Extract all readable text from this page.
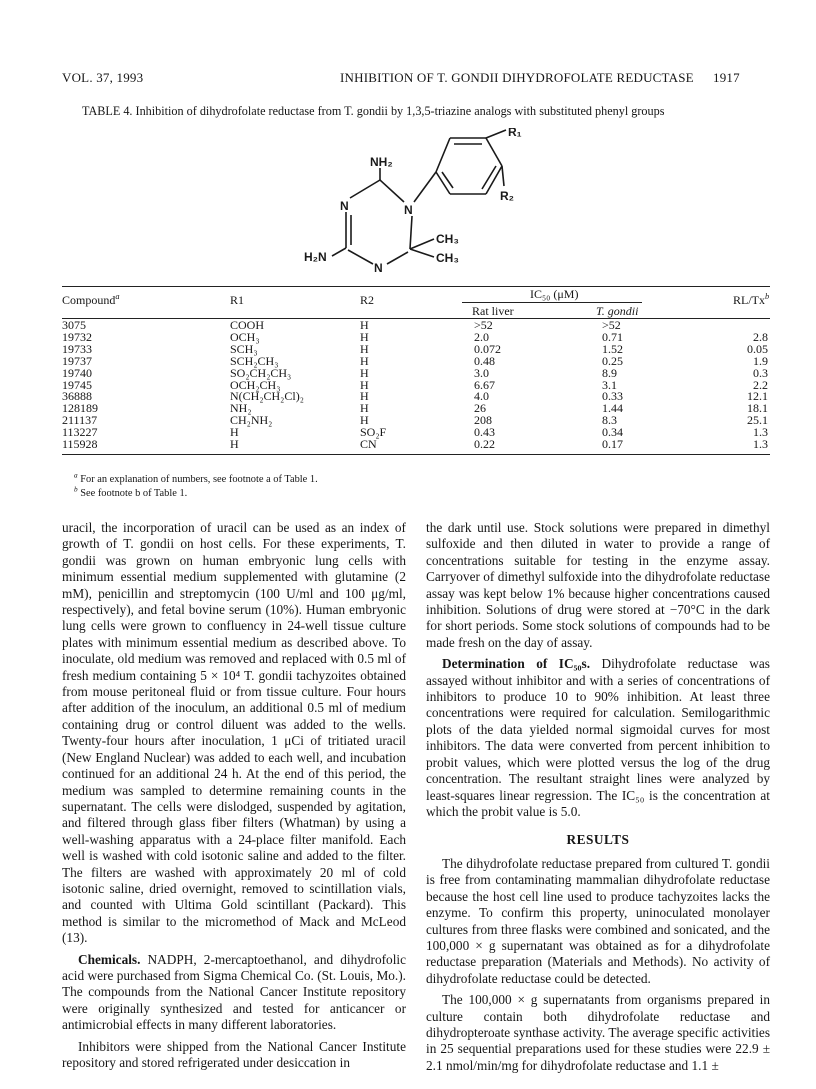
VOL. 37, 1993	INHIBITION OF T. GONDII DIHYDROFOLATE REDUCTASE 1917
TABLE 4. Inhibition of dihydrofolate reductase from T. gondii by 1,3,5-triazine analogs with substituted phenyl groups
NH₂
N	N
N
H₂N
CH₃
CH₃
R₁
R₂
Compound$^a$	R1	R2	IC₅₀ (μM)
Rat liver	T. gondii
RL/Tx$^b$
3075	COOH	H	>52	>52	
19732	OCH₃	H	2.0	0.71	2.8
19733	SCH₃	H	0.072	1.52	0.05
19737	SCH₂CH₃	H	0.48	0.25	1.9
19740	SO₂CH₂CH₃	H	3.0	8.9	0.3
19745	OCH₂CH₃	H	6.67	3.1	2.2
36888	N(CH₂CH₂Cl)₂	H	4.0	0.33	12.1
128189	NH₂	H	26	1.44	18.1
211137	CH₂NH₂	H	208	8.3	25.1
113227	H	SO₂F	0.43	0.34	1.3
115928	H	CN	0.22	0.17	1.3
$^a$ For an explanation of numbers, see footnote a of Table 1.
$^b$ See footnote b of Table 1.

uracil, the incorporation of uracil can be used as an index of growth of T. gondii on host cells. For these experiments, T. gondii was grown on human embryonic lung cells with minimum essential medium supplemented with glutamine (2 mM), penicillin and streptomycin (100 U/ml and 100 μg/ml, respectively), and fetal bovine serum (10%). Human embryonic lung cells were grown to confluency in 24-well tissue culture plates with minimum essential medium as described above. To inoculate, old medium was removed and replaced with 0.5 ml of fresh medium containing 5 × 10⁴ T. gondii tachyzoites obtained from mouse peritoneal fluid or from tissue culture. Four hours after addition of the inoculum, an additional 0.5 ml of medium containing drug or control diluent was added to the wells. Twenty-four hours after inoculation, 1 μCi of tritiated uracil (New England Nuclear) was added to each well, and incubation continued for an additional 24 h. At the end of this period, the medium was sampled to determine remaining counts in the supernatant. The cells were dislodged, suspended by agitation, and filtered through glass fiber filters (Whatman) by using a well-washing apparatus with a 24-place filter manifold. Each well is washed with cold isotonic saline and added to the filter. The filters are washed with approximately 20 ml of cold isotonic saline, dried overnight, removed to scintillation vials, and counted with Ultima Gold scintillant (Packard). This method is similar to the micromethod of Mack and McLeod (13).

Chemicals. NADPH, 2-mercaptoethanol, and dihydrofolic acid were purchased from Sigma Chemical Co. (St. Louis, Mo.). The compounds from the National Cancer Institute repository were originally synthesized and tested for anticancer or antimicrobial effects in many different laboratories.

Inhibitors were shipped from the National Cancer Institute repository and stored refrigerated under desiccation in

the dark until use. Stock solutions were prepared in dimethyl sulfoxide and then diluted in water to provide a range of concentrations suitable for testing in the enzyme assay. Carryover of dimethyl sulfoxide into the dihydrofolate reductase assay was kept below 1% because higher concentrations caused inhibition. Solutions of drug were stored at −70°C in the dark for short periods. Some stock solutions of compounds had to be made fresh on the day of assay.

Determination of IC₅₀s. Dihydrofolate reductase was assayed without inhibitor and with a series of concentrations of inhibitors to produce 10 to 90% inhibition. At least three concentrations were required for calculation. Semilogarithmic plots of the data yielded normal sigmoidal curves for most inhibitors. The data were converted from percent inhibition to probit values, which were plotted versus the log of the drug concentration. The resultant straight lines were analyzed by least-squares linear regression. The IC₅₀ is the concentration at which the probit value is 5.0.

RESULTS

The dihydrofolate reductase prepared from cultured T. gondii is free from contaminating mammalian dihydrofolate reductase because the host cell line used to produce tachyzoites lacks the enzyme. To confirm this property, uninoculated monolayer cultures from three flasks were combined and sonicated, and the 100,000 × g supernatant was obtained as for a dihydrofolate reductase preparation (Materials and Methods). No activity of dihydrofolate reductase could be detected.

The 100,000 × g supernatants from organisms prepared in culture contain both dihydrofolate reductase and dihydropteroate synthase activity. The average specific activities in 25 sequential preparations used for these studies were 22.9 ± 2.1 nmol/min/mg for dihydrofolate reductase and 1.1 ±
